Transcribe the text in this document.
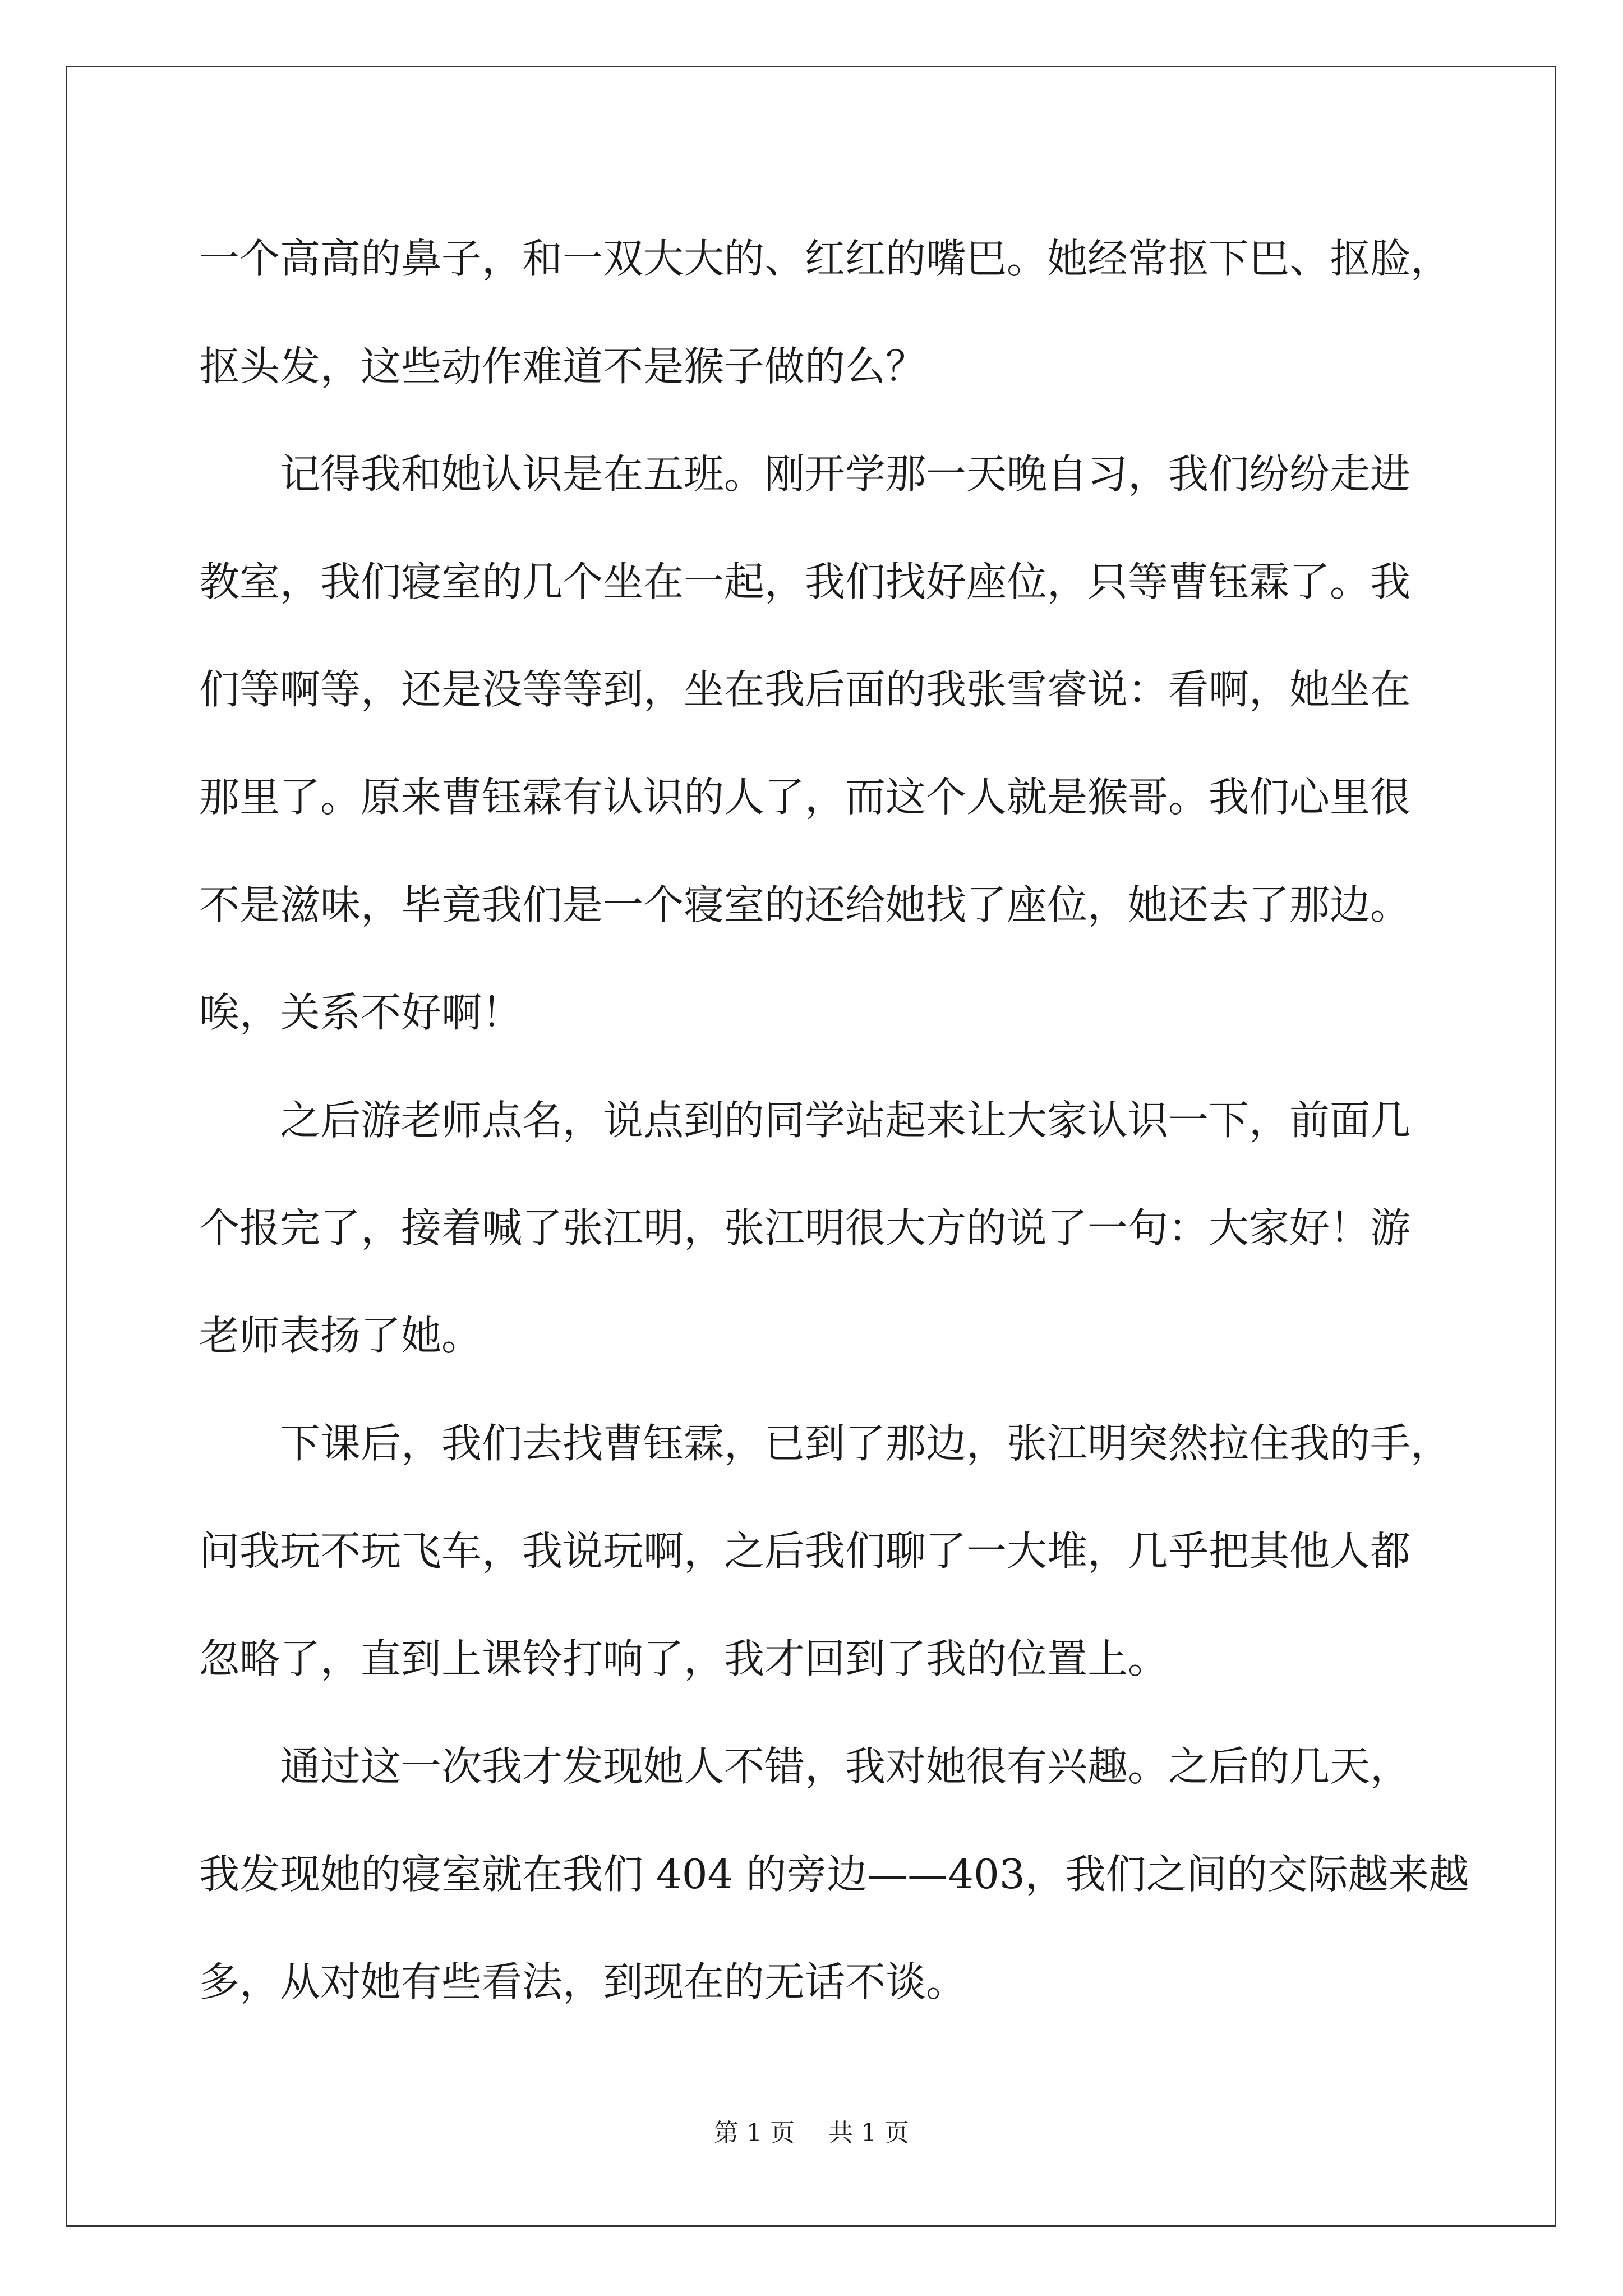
一个高高的鼻子，和一双大大的、红红的嘴巴。她经常抠下巴、抠脸，
抠头发，这些动作难道不是猴子做的么？
　　记得我和她认识是在五班。刚开学那一天晚自习，我们纷纷走进
教室，我们寝室的几个坐在一起，我们找好座位，只等曹钰霖了。我
们等啊等，还是没等等到，坐在我后面的我张雪睿说：看啊，她坐在
那里了。原来曹钰霖有认识的人了，而这个人就是猴哥。我们心里很
不是滋味，毕竟我们是一个寝室的还给她找了座位，她还去了那边。
唉，关系不好啊！
　　之后游老师点名，说点到的同学站起来让大家认识一下，前面几
个报完了，接着喊了张江明，张江明很大方的说了一句：大家好！游
老师表扬了她。
　　下课后，我们去找曹钰霖，已到了那边，张江明突然拉住我的手，
问我玩不玩飞车，我说玩啊，之后我们聊了一大堆，几乎把其他人都
忽略了，直到上课铃打响了，我才回到了我的位置上。
　　通过这一次我才发现她人不错，我对她很有兴趣。之后的几天，
我发现她的寝室就在我们 404 的旁边——403，我们之间的交际越来越
多，从对她有些看法，到现在的无话不谈。
第 1 页 共 1 页
